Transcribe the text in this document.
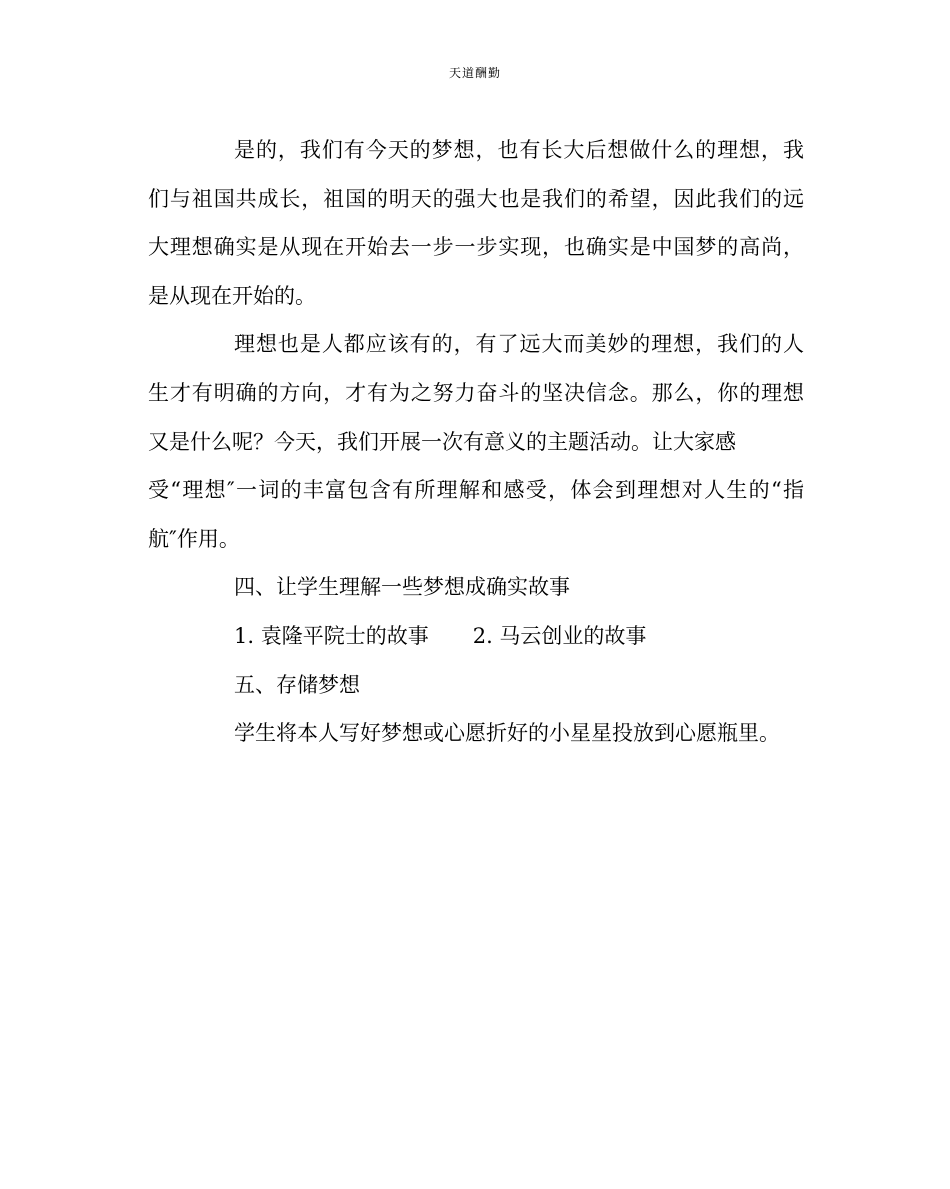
天道酬勤
是的，我们有今天的梦想，也有长大后想做什么的理想，我
们与祖国共成长，祖国的明天的强大也是我们的希望，因此我们的远
大理想确实是从现在开始去一步一步实现，也确实是中国梦的高尚，
是从现在开始的。
理想也是人都应该有的，有了远大而美妙的理想，我们的人
生才有明确的方向，才有为之努力奋斗的坚决信念。那么，你的理想
又是什么呢？今天，我们开展一次有意义的主题活动。让大家感
受“理想″一词的丰富包含有所理解和感受，体会到理想对人生的“指
航″作用。
四、让学生理解一些梦想成确实故事
1. 袁隆平院士的故事 2. 马云创业的故事
五、存储梦想
学生将本人写好梦想或心愿折好的小星星投放到心愿瓶里。
